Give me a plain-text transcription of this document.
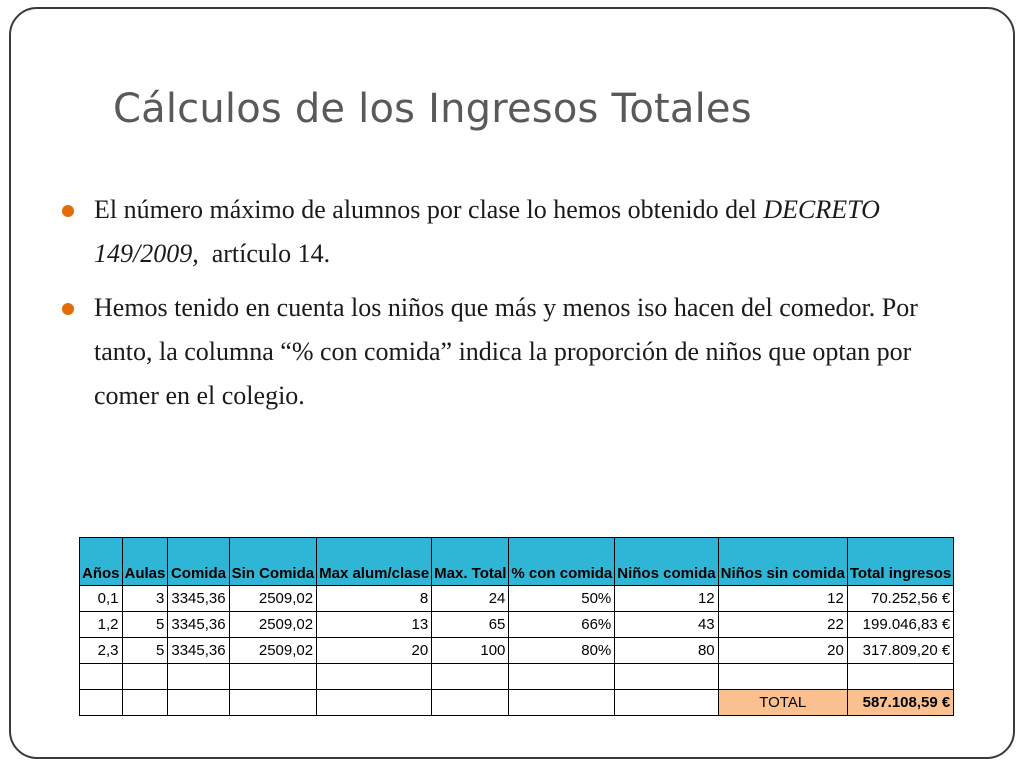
Cálculos de los Ingresos Totales
El número máximo de alumnos por clase lo hemos obtenido del DECRETO 149/2009,  artículo 14.
Hemos tenido en cuenta los niños que más y menos iso hacen del comedor. Por tanto, la columna “% con comida” indica la proporción de niños que optan por comer en el colegio.
Años	Aulas	Comida	Sin Comida	Max alum/clase	Max. Total	% con comida	Niños comida	Niños sin comida	Total ingresos
0,1	3	3345,36	2509,02	8	24	50%	12	12	70.252,56 €
1,2	5	3345,36	2509,02	13	65	66%	43	22	199.046,83 €
2,3	5	3345,36	2509,02	20	100	80%	80	20	317.809,20 €

								TOTAL	587.108,59 €
